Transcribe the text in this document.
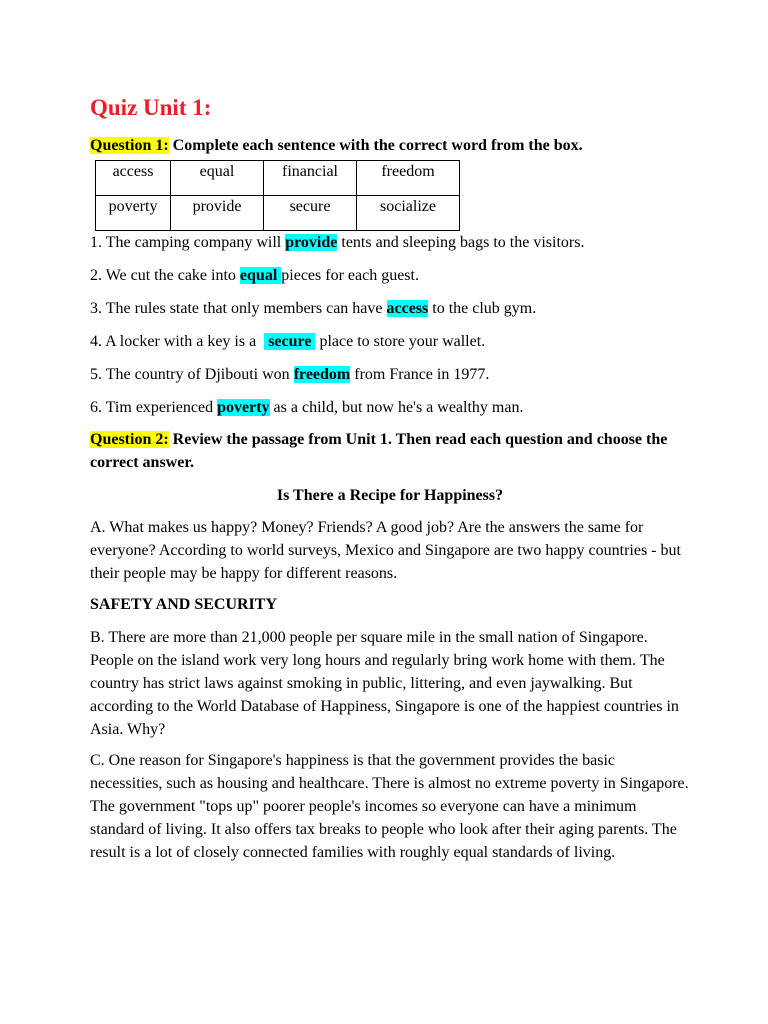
Quiz Unit 1:

Question 1: Complete each sentence with the correct word from the box.

access	equal	financial	freedom
poverty	provide	secure	socialize

1. The camping company will provide tents and sleeping bags to the visitors.

2. We cut the cake into equal pieces for each guest.

3. The rules state that only members can have access to the club gym.

4. A locker with a key is a   secure  place to store your wallet.

5. The country of Djibouti won freedom from France in 1977.

6. Tim experienced poverty as a child, but now he's a wealthy man.

Question 2: Review the passage from Unit 1. Then read each question and choose the correct answer.

Is There a Recipe for Happiness?

A. What makes us happy? Money? Friends? A good job? Are the answers the same for everyone? According to world surveys, Mexico and Singapore are two happy countries - but their people may be happy for different reasons.

SAFETY AND SECURITY

B. There are more than 21,000 people per square mile in the small nation of Singapore. People on the island work very long hours and regularly bring work home with them. The country has strict laws against smoking in public, littering, and even jaywalking. But according to the World Database of Happiness, Singapore is one of the happiest countries in Asia. Why?

C. One reason for Singapore's happiness is that the government provides the basic necessities, such as housing and healthcare. There is almost no extreme poverty in Singapore. The government "tops up" poorer people's incomes so everyone can have a minimum standard of living. It also offers tax breaks to people who look after their aging parents. The result is a lot of closely connected families with roughly equal standards of living.
